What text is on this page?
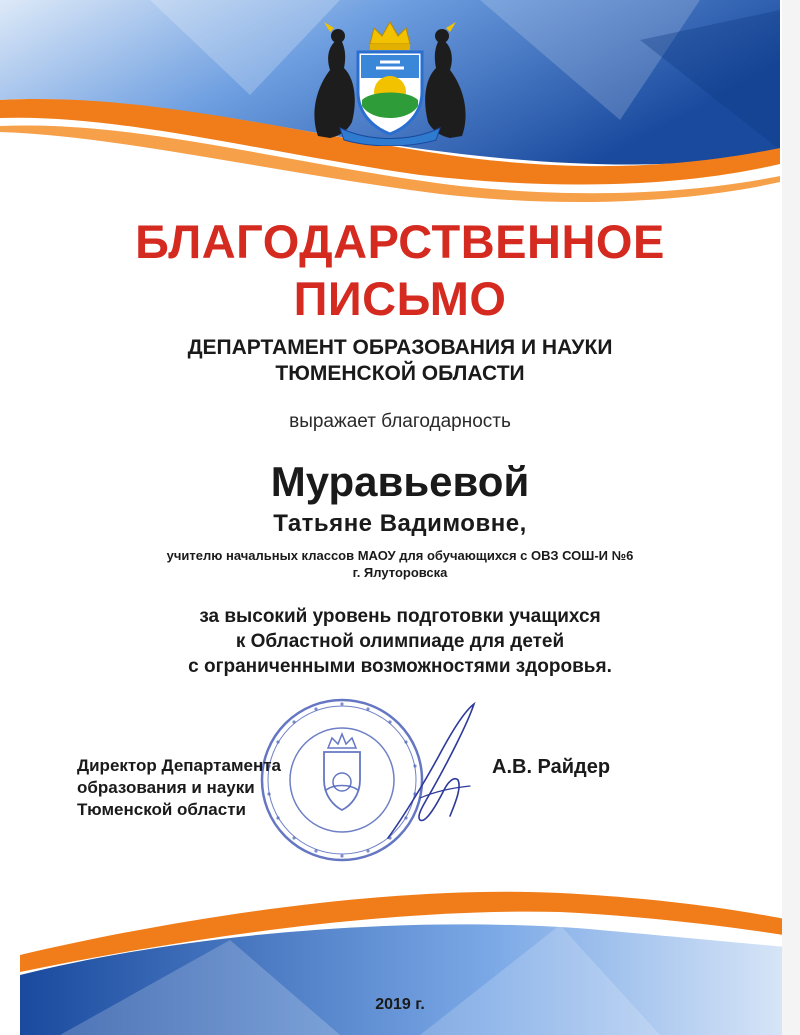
БЛАГОДАРСТВЕННОЕ
ПИСЬМО
ДЕПАРТАМЕНТ ОБРАЗОВАНИЯ И НАУКИ
ТЮМЕНСКОЙ ОБЛАСТИ
выражает благодарность
Муравьевой
Татьяне Вадимовне,
учителю начальных классов МАОУ для обучающихся с ОВЗ СОШ-И №6
г. Ялуторовска
за высокий уровень подготовки учащихся
к Областной олимпиаде для детей
с ограниченными возможностями здоровья.
Директор Департамента
образования и науки
Тюменской области
А.В. Райдер
2019 г.
